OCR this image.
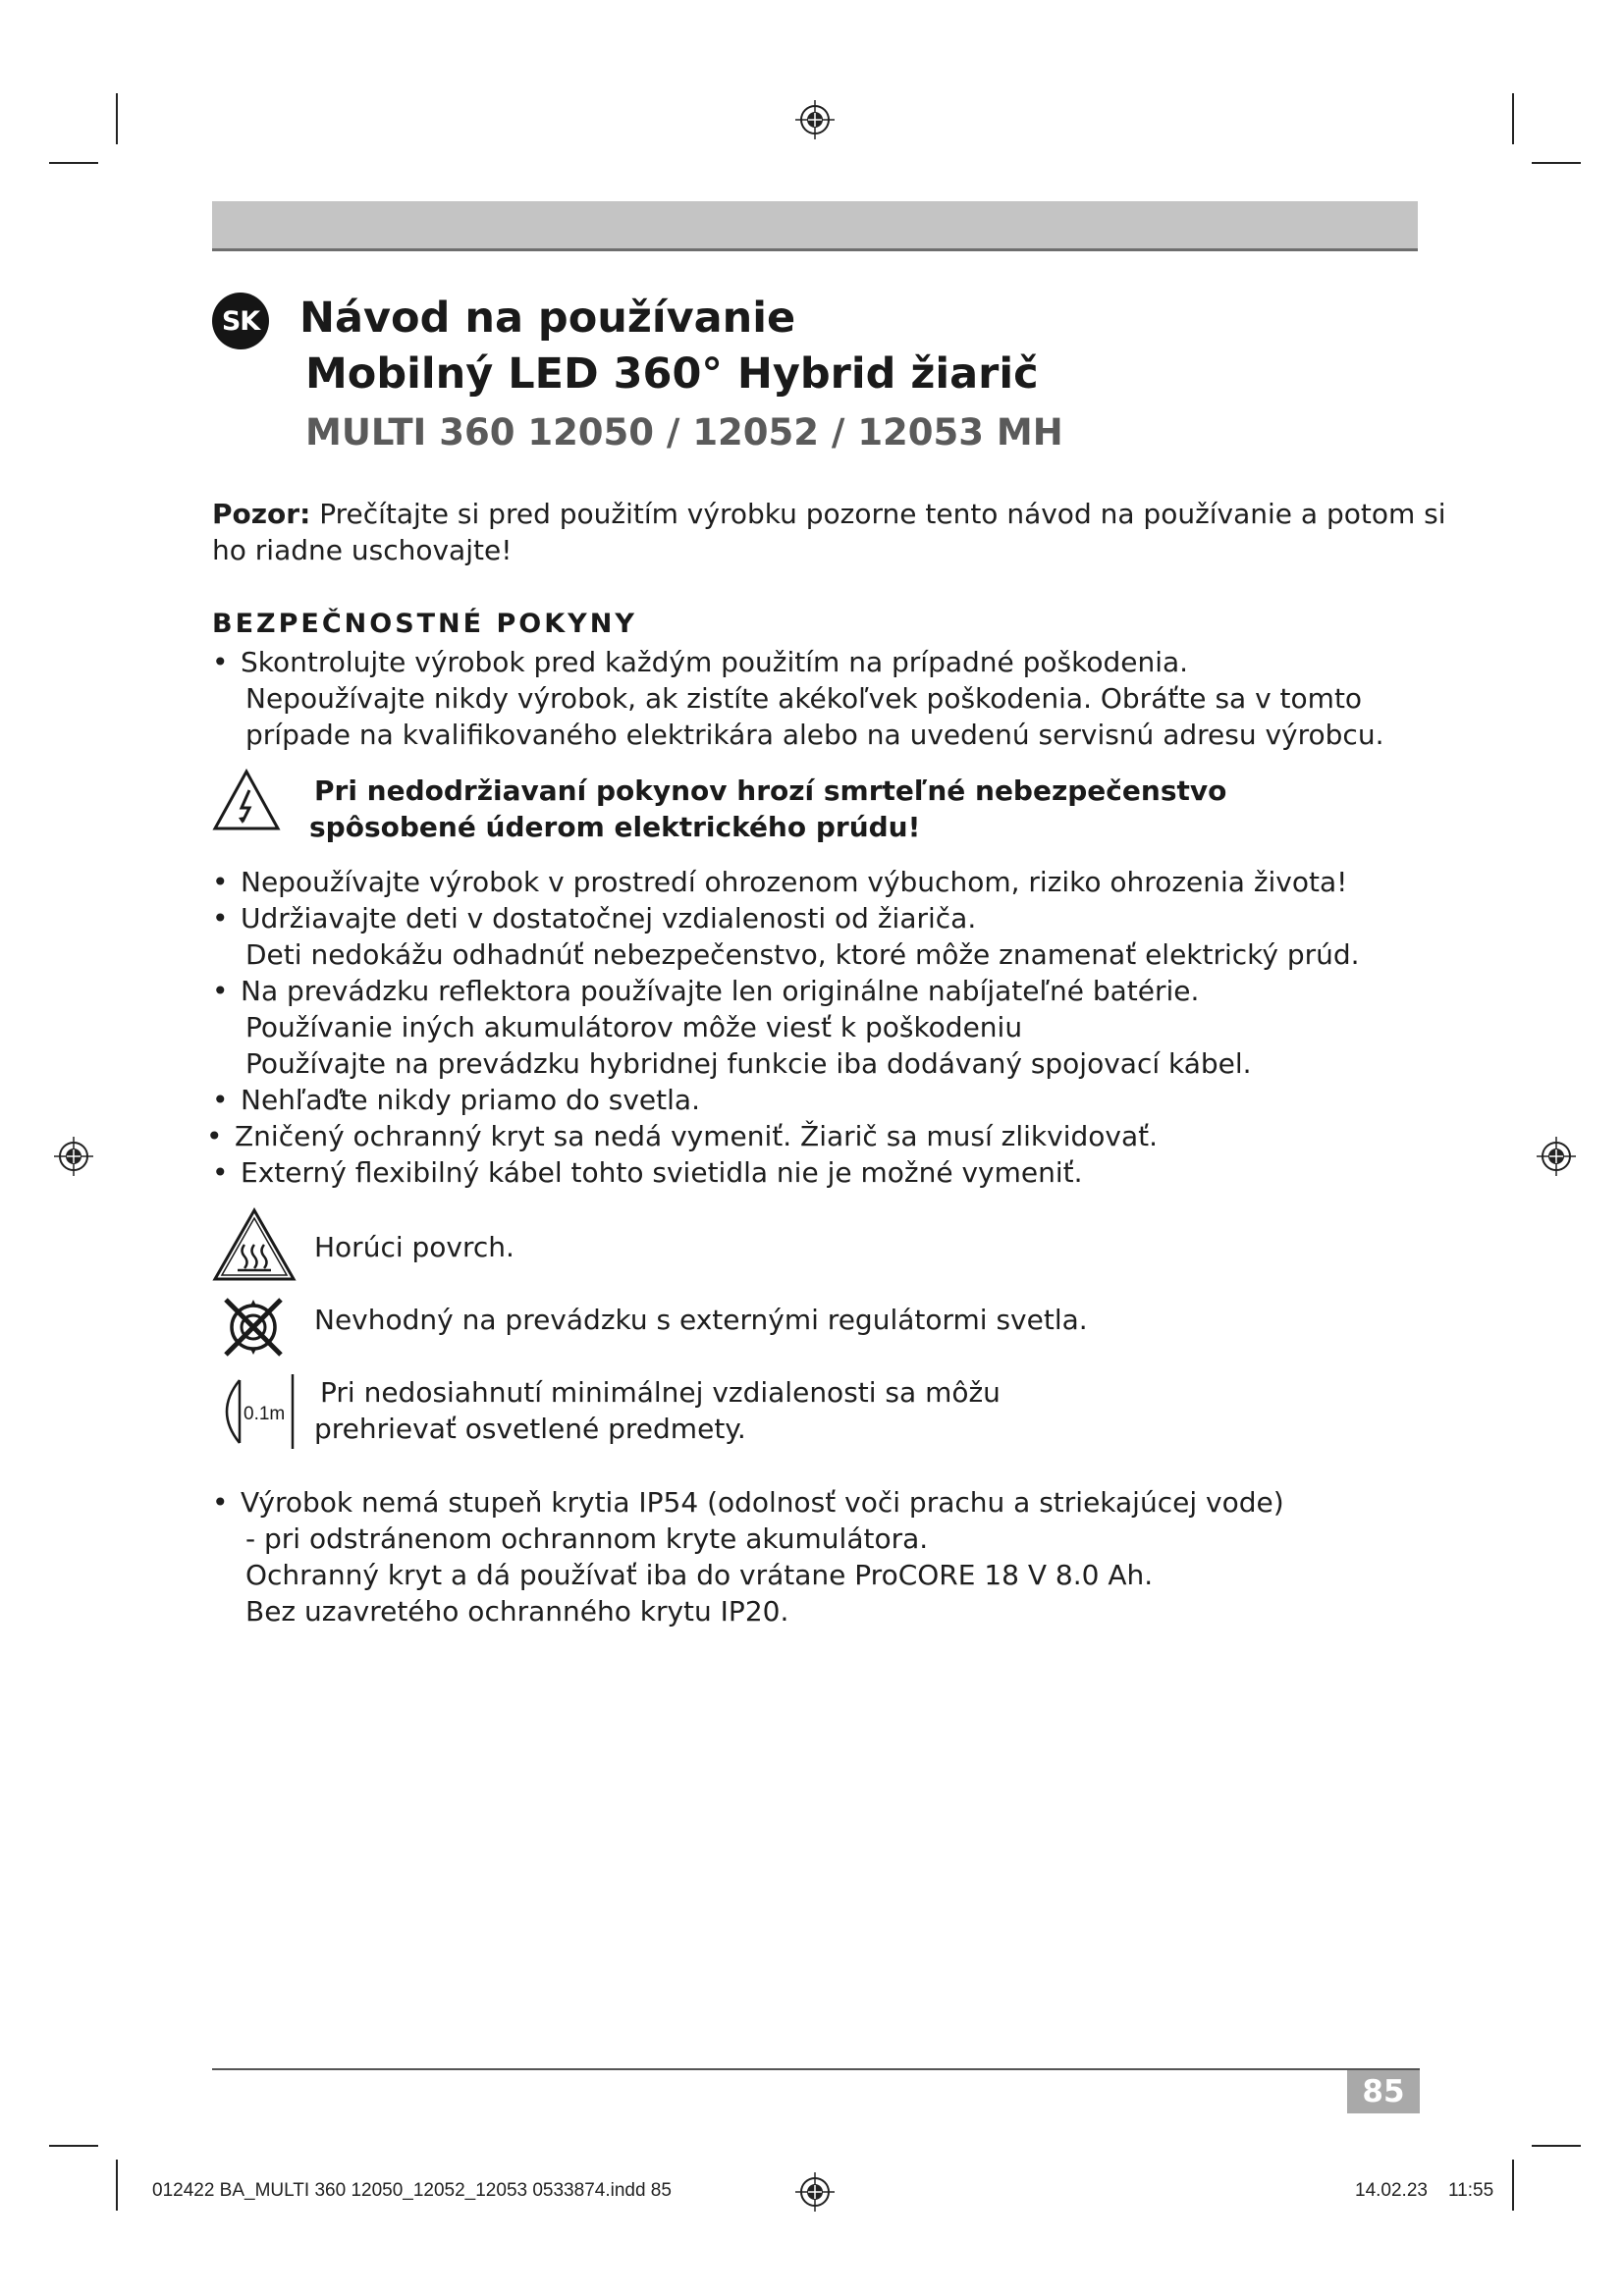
SK Návod na používanie
Mobilný LED 360° Hybrid žiarič
MULTI 360 12050 / 12052 / 12053 MH
Pozor: Prečítajte si pred použitím výrobku pozorne tento návod na používanie a potom si
ho riadne uschovajte!
BEZPEČNOSTNÉ POKYNY
• Skontrolujte výrobok pred každým použitím na prípadné poškodenia.
Nepoužívajte nikdy výrobok, ak zistíte akékoľvek poškodenia. Obráťte sa v tomto
prípade na kvalifikovaného elektrikára alebo na uvedenú servisnú adresu výrobcu.
Pri nedodržiavaní pokynov hrozí smrteľné nebezpečenstvo
spôsobené úderom elektrického prúdu!
• Nepoužívajte výrobok v prostredí ohrozenom výbuchom, riziko ohrozenia života!
• Udržiavajte deti v dostatočnej vzdialenosti od žiariča.
Deti nedokážu odhadnúť nebezpečenstvo, ktoré môže znamenať elektrický prúd.
• Na prevádzku reflektora používajte len originálne nabíjateľné batérie.
Používanie iných akumulátorov môže viesť k poškodeniu
Používajte na prevádzku hybridnej funkcie iba dodávaný spojovací kábel.
• Nehľaďte nikdy priamo do svetla.
• Zničený ochranný kryt sa nedá vymeniť. Žiarič sa musí zlikvidovať.
• Externý flexibilný kábel tohto svietidla nie je možné vymeniť.
Horúci povrch.
Nevhodný na prevádzku s externými regulátormi svetla.
0.1m
Pri nedosiahnutí minimálnej vzdialenosti sa môžu
prehrievať osvetlené predmety.
• Výrobok nemá stupeň krytia IP54 (odolnosť voči prachu a striekajúcej vode)
- pri odstránenom ochrannom kryte akumulátora.
Ochranný kryt a dá používať iba do vrátane ProCORE 18 V 8.0 Ah.
Bez uzavretého ochranného krytu IP20.
85
012422 BA_MULTI 360 12050_12052_12053 0533874.indd 85	14.02.23 11:55
